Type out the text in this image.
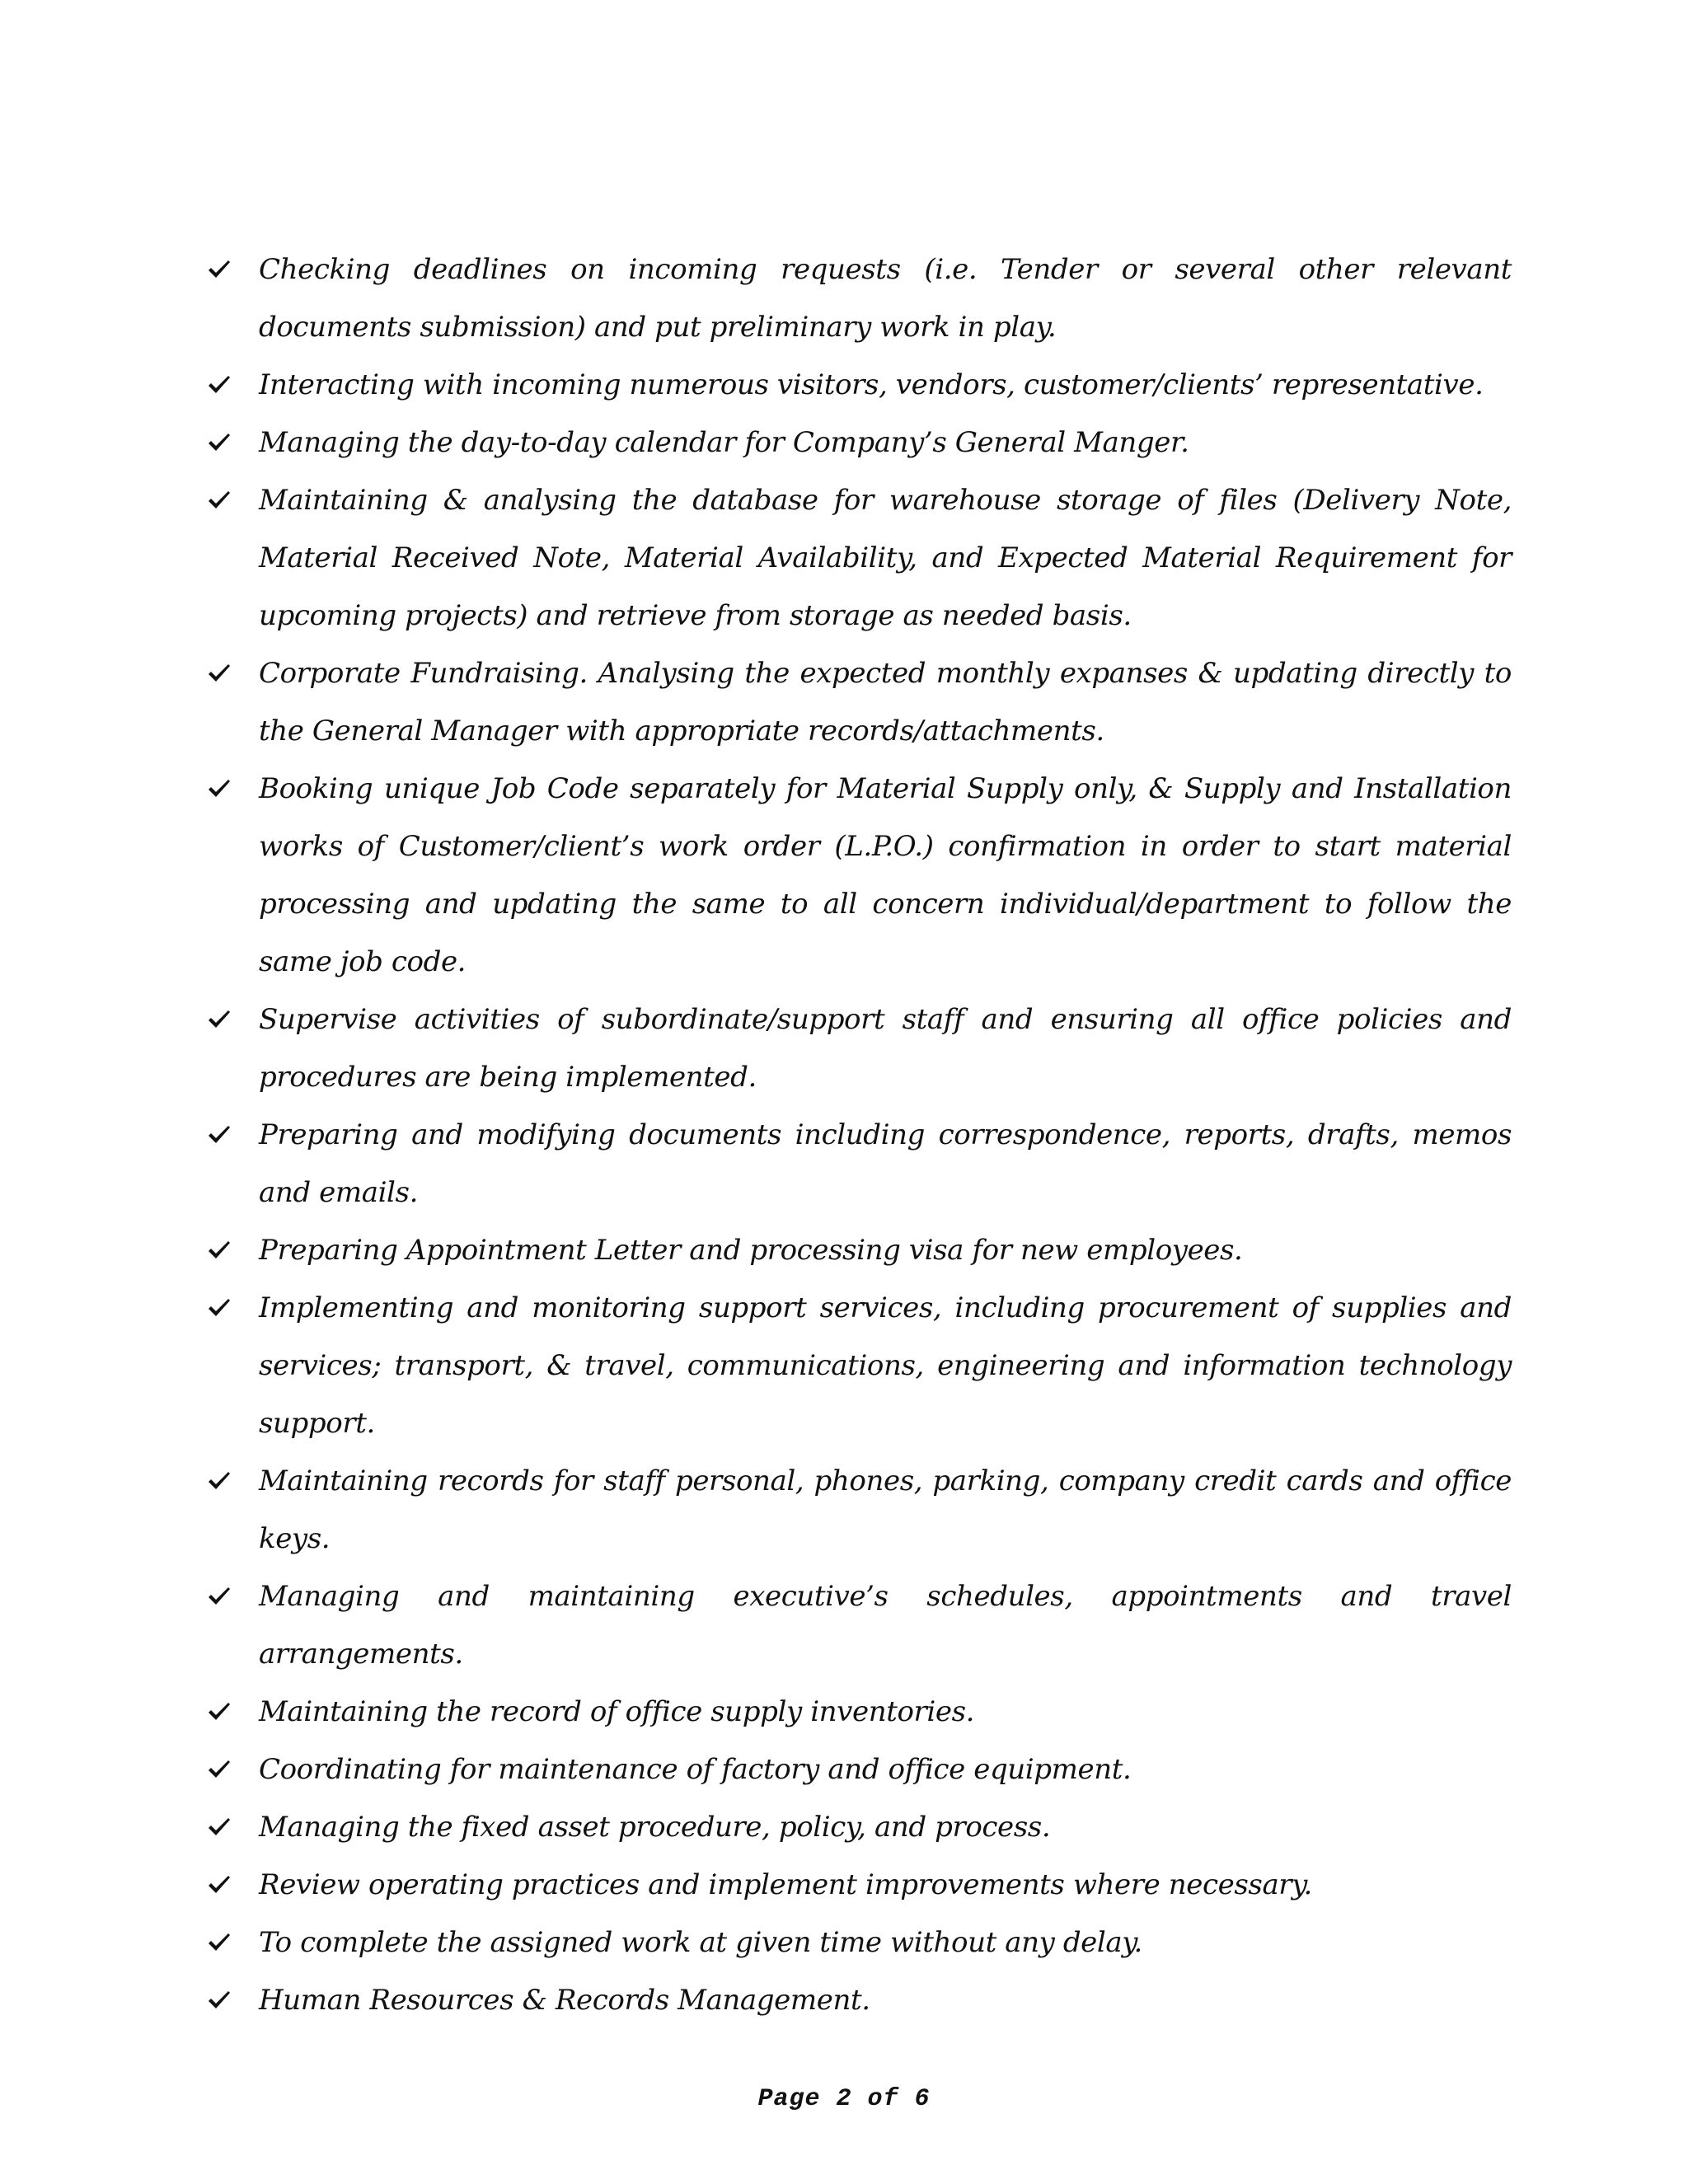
Checking deadlines on incoming requests (i.e. Tender or several other relevant documents submission) and put preliminary work in play.
Interacting with incoming numerous visitors, vendors, customer/clients’ representative.
Managing the day-to-day calendar for Company’s General Manger.
Maintaining & analysing the database for warehouse storage of files (Delivery Note, Material Received Note, Material Availability, and Expected Material Requirement for upcoming projects) and retrieve from storage as needed basis.
Corporate Fundraising. Analysing the expected monthly expanses & updating directly to the General Manager with appropriate records/attachments.
Booking unique Job Code separately for Material Supply only, & Supply and Installation works of Customer/client’s work order (L.P.O.) confirmation in order to start material processing and updating the same to all concern individual/department to follow the same job code.
Supervise activities of subordinate/support staff and ensuring all office policies and procedures are being implemented.
Preparing and modifying documents including correspondence, reports, drafts, memos and emails.
Preparing Appointment Letter and processing visa for new employees.
Implementing and monitoring support services, including procurement of supplies and services; transport, & travel, communications, engineering and information technology support.
Maintaining records for staff personal, phones, parking, company credit cards and office keys.
Managing and maintaining executive’s schedules, appointments and travel arrangements.
Maintaining the record of office supply inventories.
Coordinating for maintenance of factory and office equipment.
Managing the fixed asset procedure, policy, and process.
Review operating practices and implement improvements where necessary.
To complete the assigned work at given time without any delay.
Human Resources & Records Management.
Page 2 of 6
